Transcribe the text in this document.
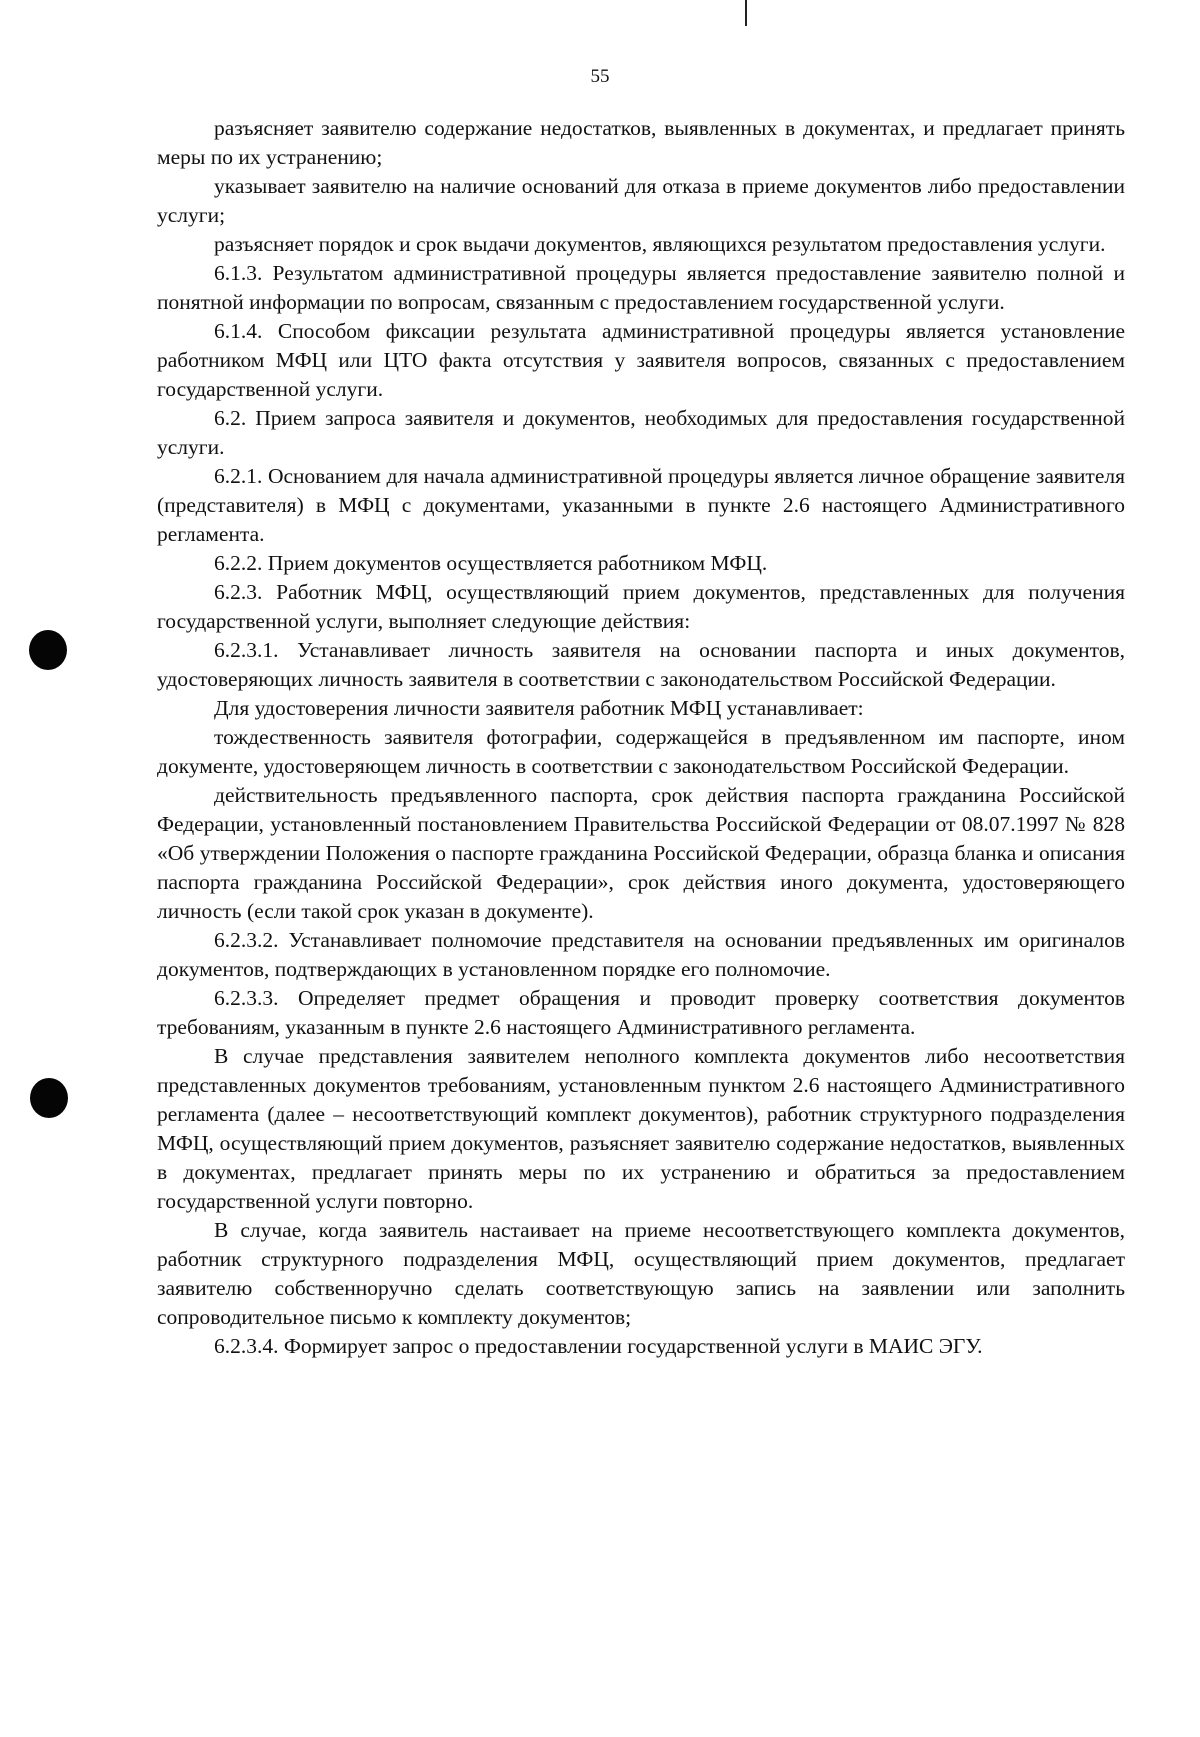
55

разъясняет заявителю содержание недостатков, выявленных в документах, и предлагает принять меры по их устранению;

указывает заявителю на наличие оснований для отказа в приеме документов либо предоставлении услуги;

разъясняет порядок и срок выдачи документов, являющихся результатом предоставления услуги.

6.1.3. Результатом административной процедуры является предоставление заявителю полной и понятной информации по вопросам, связанным с предоставлением государственной услуги.

6.1.4. Способом фиксации результата административной процедуры является установление работником МФЦ или ЦТО факта отсутствия у заявителя вопросов, связанных с предоставлением государственной услуги.

6.2. Прием запроса заявителя и документов, необходимых для предоставления государственной услуги.

6.2.1. Основанием для начала административной процедуры является личное обращение заявителя (представителя) в МФЦ с документами, указанными в пункте 2.6 настоящего Административного регламента.

6.2.2. Прием документов осуществляется работником МФЦ.

6.2.3. Работник МФЦ, осуществляющий прием документов, представленных для получения государственной услуги, выполняет следующие действия:

6.2.3.1. Устанавливает личность заявителя на основании паспорта и иных документов, удостоверяющих личность заявителя в соответствии с законодательством Российской Федерации.

Для удостоверения личности заявителя работник МФЦ устанавливает:

тождественность заявителя фотографии, содержащейся в предъявленном им паспорте, ином документе, удостоверяющем личность в соответствии с законодательством Российской Федерации.

действительность предъявленного паспорта, срок действия паспорта гражданина Российской Федерации, установленный постановлением Правительства Российской Федерации от 08.07.1997 № 828 «Об утверждении Положения о паспорте гражданина Российской Федерации, образца бланка и описания паспорта гражданина Российской Федерации», срок действия иного документа, удостоверяющего личность (если такой срок указан в документе).

6.2.3.2. Устанавливает полномочие представителя на основании предъявленных им оригиналов документов, подтверждающих в установленном порядке его полномочие.

6.2.3.3. Определяет предмет обращения и проводит проверку соответствия документов требованиям, указанным в пункте 2.6 настоящего Административного регламента.

В случае представления заявителем неполного комплекта документов либо несоответствия представленных документов требованиям, установленным пунктом 2.6 настоящего Административного регламента (далее – несоответствующий комплект документов), работник структурного подразделения МФЦ, осуществляющий прием документов, разъясняет заявителю содержание недостатков, выявленных в документах, предлагает принять меры по их устранению и обратиться за предоставлением государственной услуги повторно.

В случае, когда заявитель настаивает на приеме несоответствующего комплекта документов, работник структурного подразделения МФЦ, осуществляющий прием документов, предлагает заявителю собственноручно сделать соответствующую запись на заявлении или заполнить сопроводительное письмо к комплекту документов;

6.2.3.4. Формирует запрос о предоставлении государственной услуги в МАИС ЭГУ.
